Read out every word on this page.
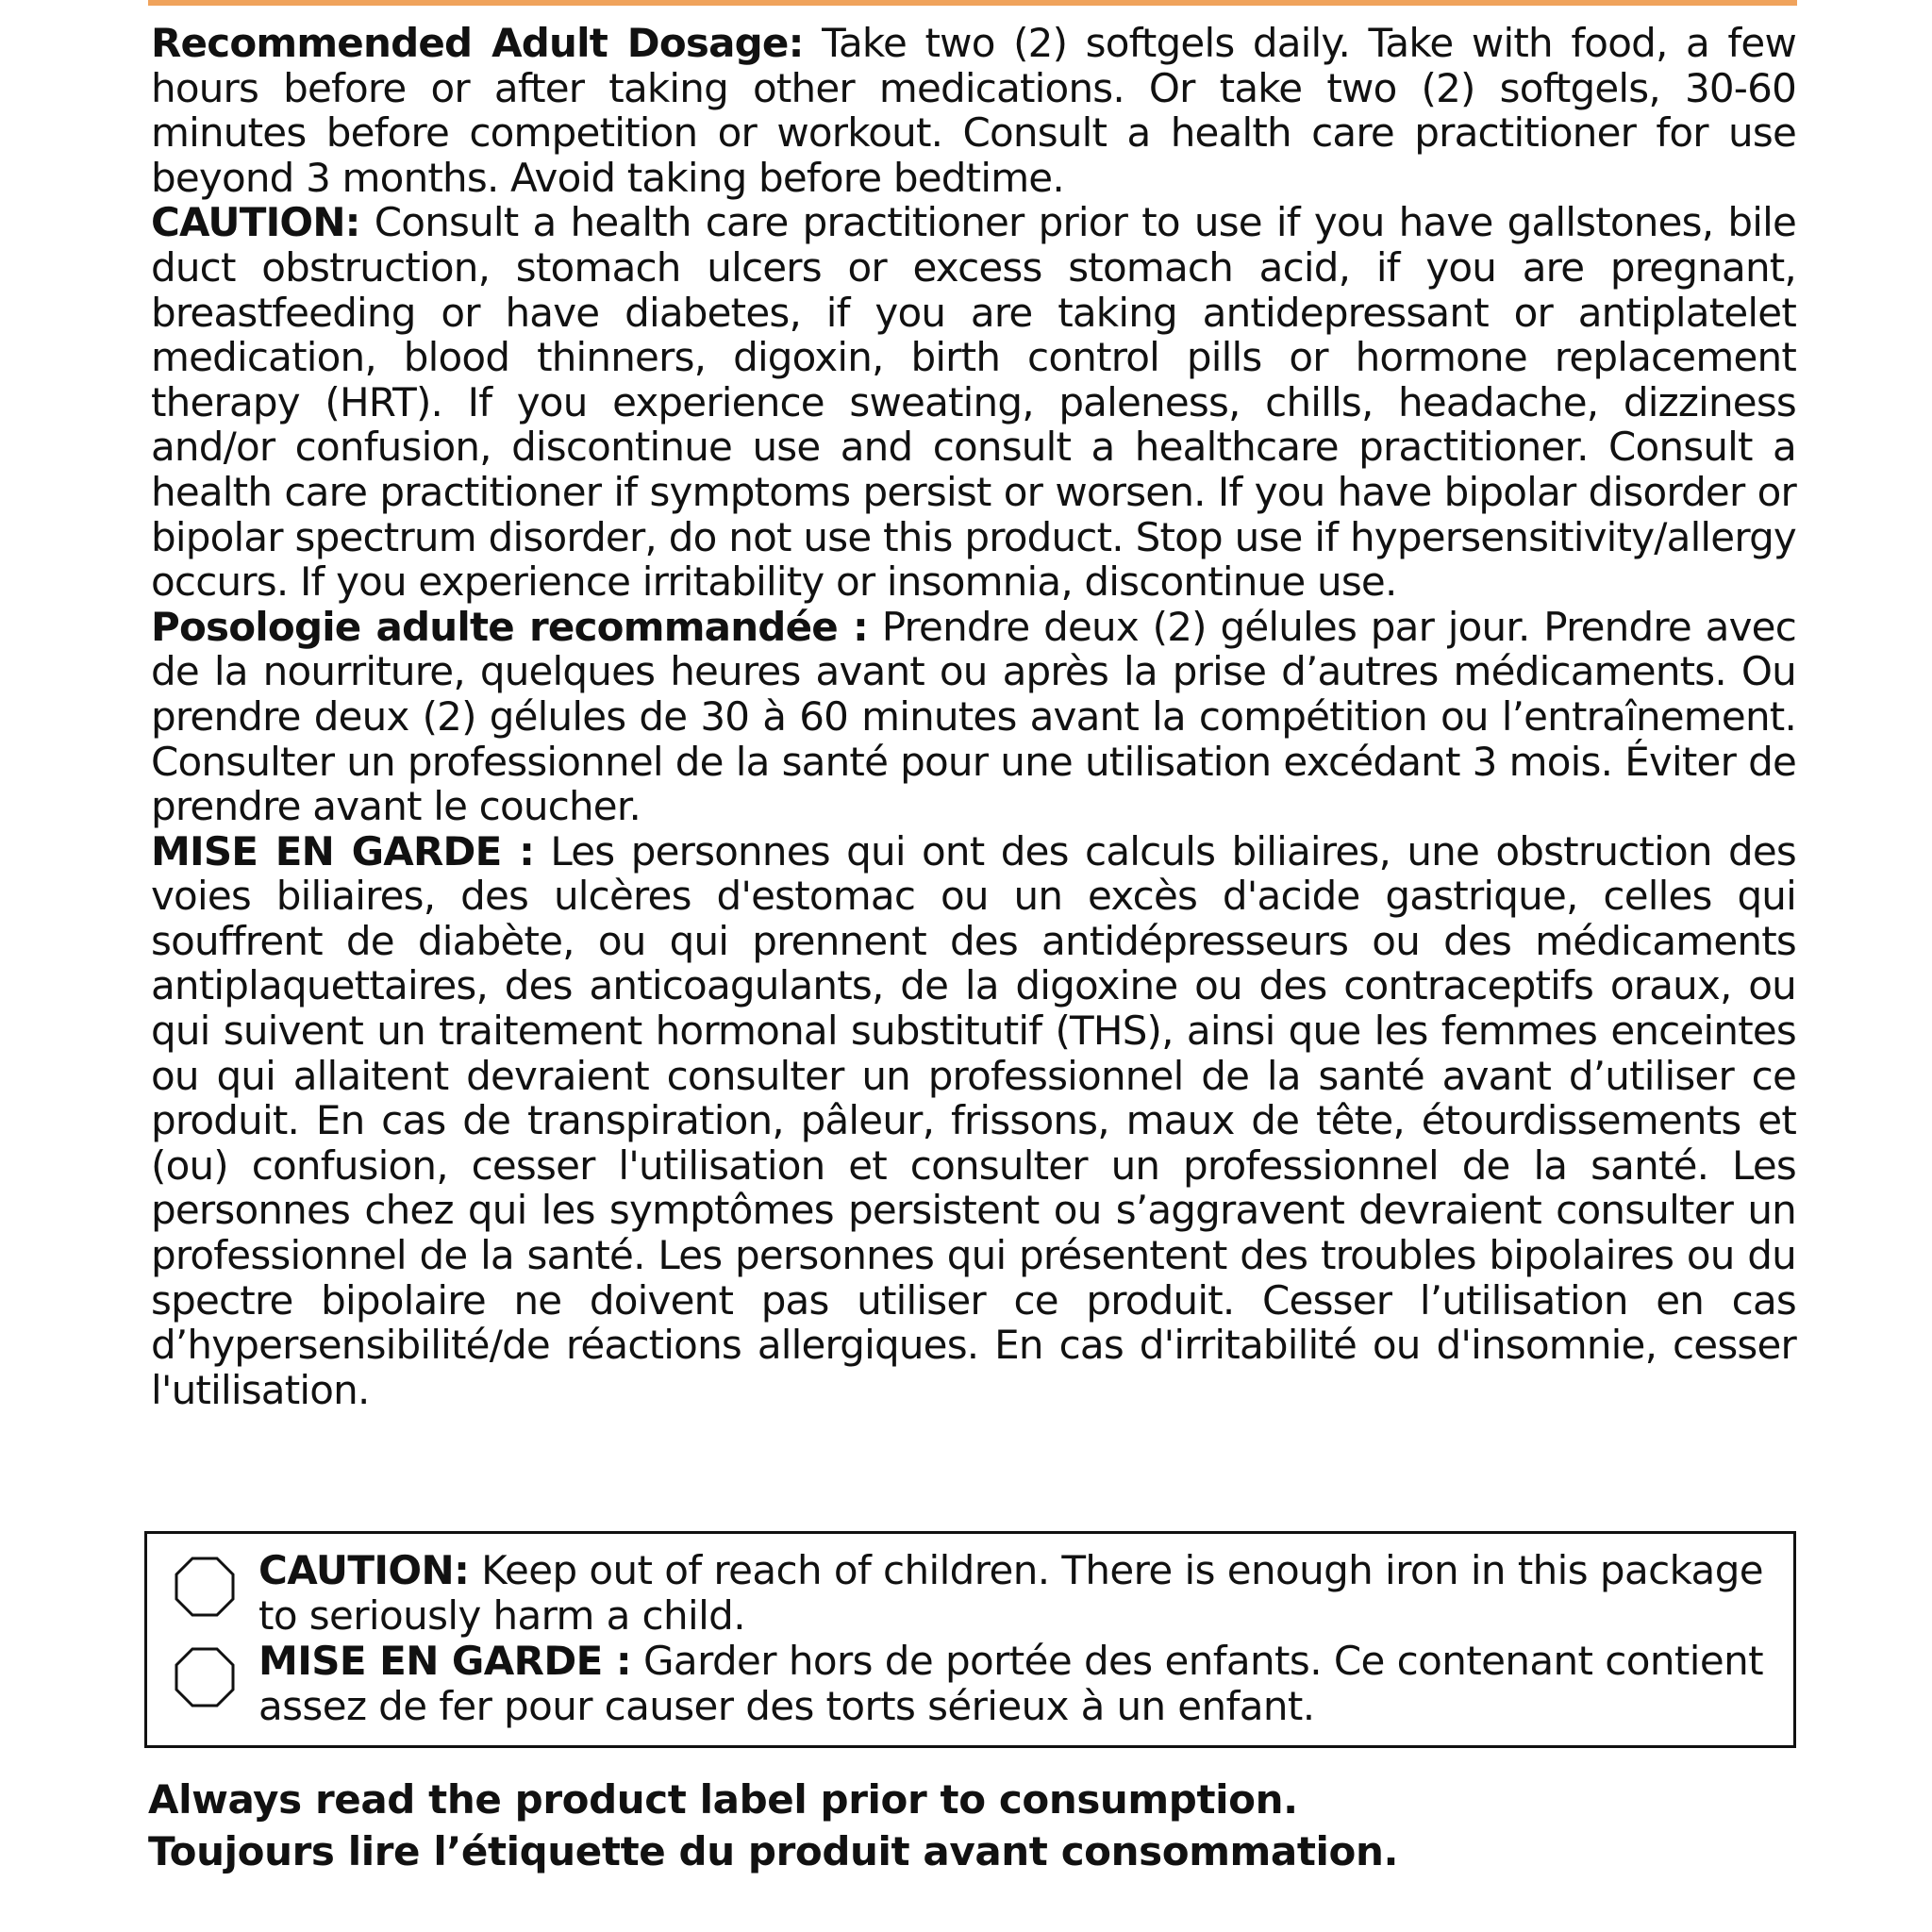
Recommended Adult Dosage: Take two (2) softgels daily. Take with food, a few hours before or after taking other medications. Or take two (2) softgels, 30-60 minutes before competition or workout. Consult a health care practitioner for use beyond 3 months. Avoid taking before bedtime.

CAUTION: Consult a health care practitioner prior to use if you have gallstones, bile duct obstruction, stomach ulcers or excess stomach acid, if you are pregnant, breastfeeding or have diabetes, if you are taking antidepressant or antiplatelet medication, blood thinners, digoxin, birth control pills or hormone replacement therapy (HRT). If you experience sweating, paleness, chills, headache, dizziness and/or confusion, discontinue use and consult a healthcare practitioner. Consult a health care practitioner if symptoms persist or worsen. If you have bipolar disorder or bipolar spectrum disorder, do not use this product. Stop use if hypersensitivity/allergy occurs. If you experience irritability or insomnia, discontinue use.

Posologie adulte recommandée : Prendre deux (2) gélules par jour. Prendre avec de la nourriture, quelques heures avant ou après la prise d’autres médicaments. Ou prendre deux (2) gélules de 30 à 60 minutes avant la compétition ou l’entraînement. Consulter un professionnel de la santé pour une utilisation excédant 3 mois. Éviter de prendre avant le coucher.

MISE EN GARDE : Les personnes qui ont des calculs biliaires, une obstruction des voies biliaires, des ulcères d'estomac ou un excès d'acide gastrique, celles qui souffrent de diabète, ou qui prennent des antidépresseurs ou des médicaments antiplaquettaires, des anticoagulants, de la digoxine ou des contraceptifs oraux, ou qui suivent un traitement hormonal substitutif (THS), ainsi que les femmes enceintes ou qui allaitent devraient consulter un professionnel de la santé avant d’utiliser ce produit. En cas de transpiration, pâleur, frissons, maux de tête, étourdissements et (ou) confusion, cesser l'utilisation et consulter un professionnel de la santé. Les personnes chez qui les symptômes persistent ou s’aggravent devraient consulter un professionnel de la santé. Les personnes qui présentent des troubles bipolaires ou du spectre bipolaire ne doivent pas utiliser ce produit. Cesser l’utilisation en cas d’hypersensibilité/de réactions allergiques. En cas d'irritabilité ou d'insomnie, cesser l'utilisation.

CAUTION: Keep out of reach of children. There is enough iron in this package to seriously harm a child.
MISE EN GARDE : Garder hors de portée des enfants. Ce contenant contient assez de fer pour causer des torts sérieux à un enfant.

Always read the product label prior to consumption.

Toujours lire l’étiquette du produit avant consommation.
